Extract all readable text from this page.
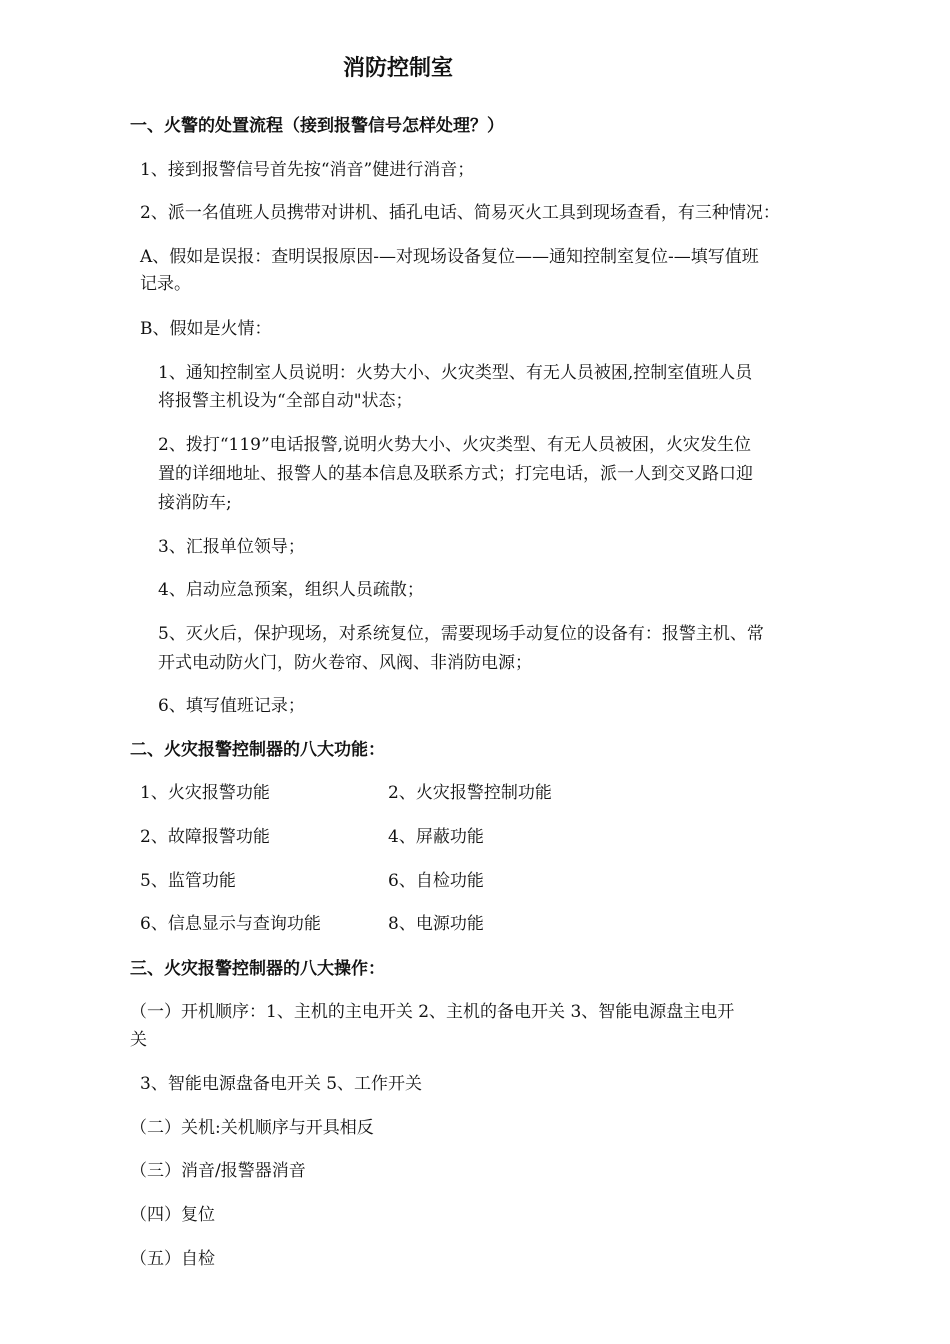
消防控制室
一、火警的处置流程（接到报警信号怎样处理？）
1、接到报警信号首先按“消音”健进行消音；
2、派一名值班人员携带对讲机、插孔电话、简易灭火工具到现场查看，有三种情况：
A、假如是误报：查明误报原因-—对现场设备复位——通知控制室复位-—填写值班
记录。
B、假如是火情：
1、通知控制室人员说明：火势大小、火灾类型、有无人员被困,控制室值班人员
将报警主机设为“全部自动"状态；
2、拨打“119”电话报警,说明火势大小、火灾类型、有无人员被困，火灾发生位
置的详细地址、报警人的基本信息及联系方式；打完电话，派一人到交叉路口迎
接消防车;
3、汇报单位领导；
4、启动应急预案，组织人员疏散；
5、灭火后，保护现场，对系统复位，需要现场手动复位的设备有：报警主机、常
开式电动防火门，防火卷帘、风阀、非消防电源；
6、填写值班记录；
二、火灾报警控制器的八大功能：
1、火灾报警功能	2、火灾报警控制功能
2、故障报警功能	4、屏蔽功能
5、监管功能	6、自检功能
6、信息显示与查询功能	8、电源功能
三、火灾报警控制器的八大操作：
（一）开机顺序：1、主机的主电开关 2、主机的备电开关 3、智能电源盘主电开
关
3、智能电源盘备电开关 5、工作开关
（二）关机:关机顺序与开具相反
（三）消音/报警器消音
（四）复位
（五）自检
